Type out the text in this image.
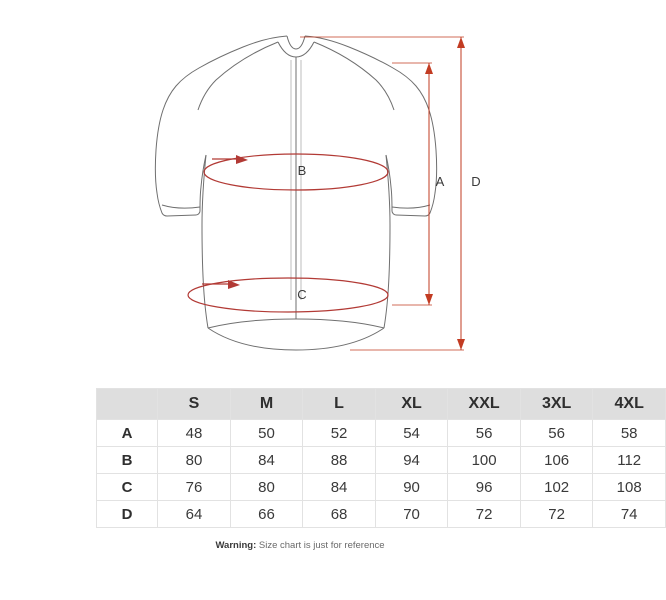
B
C
A D
	S	M	L	XL	XXL	3XL	4XL
A	48	50	52	54	56	56	58
B	80	84	88	94	100	106	112
C	76	80	84	90	96	102	108
D	64	66	68	70	72	72	74
Warning: Size chart is just for reference
